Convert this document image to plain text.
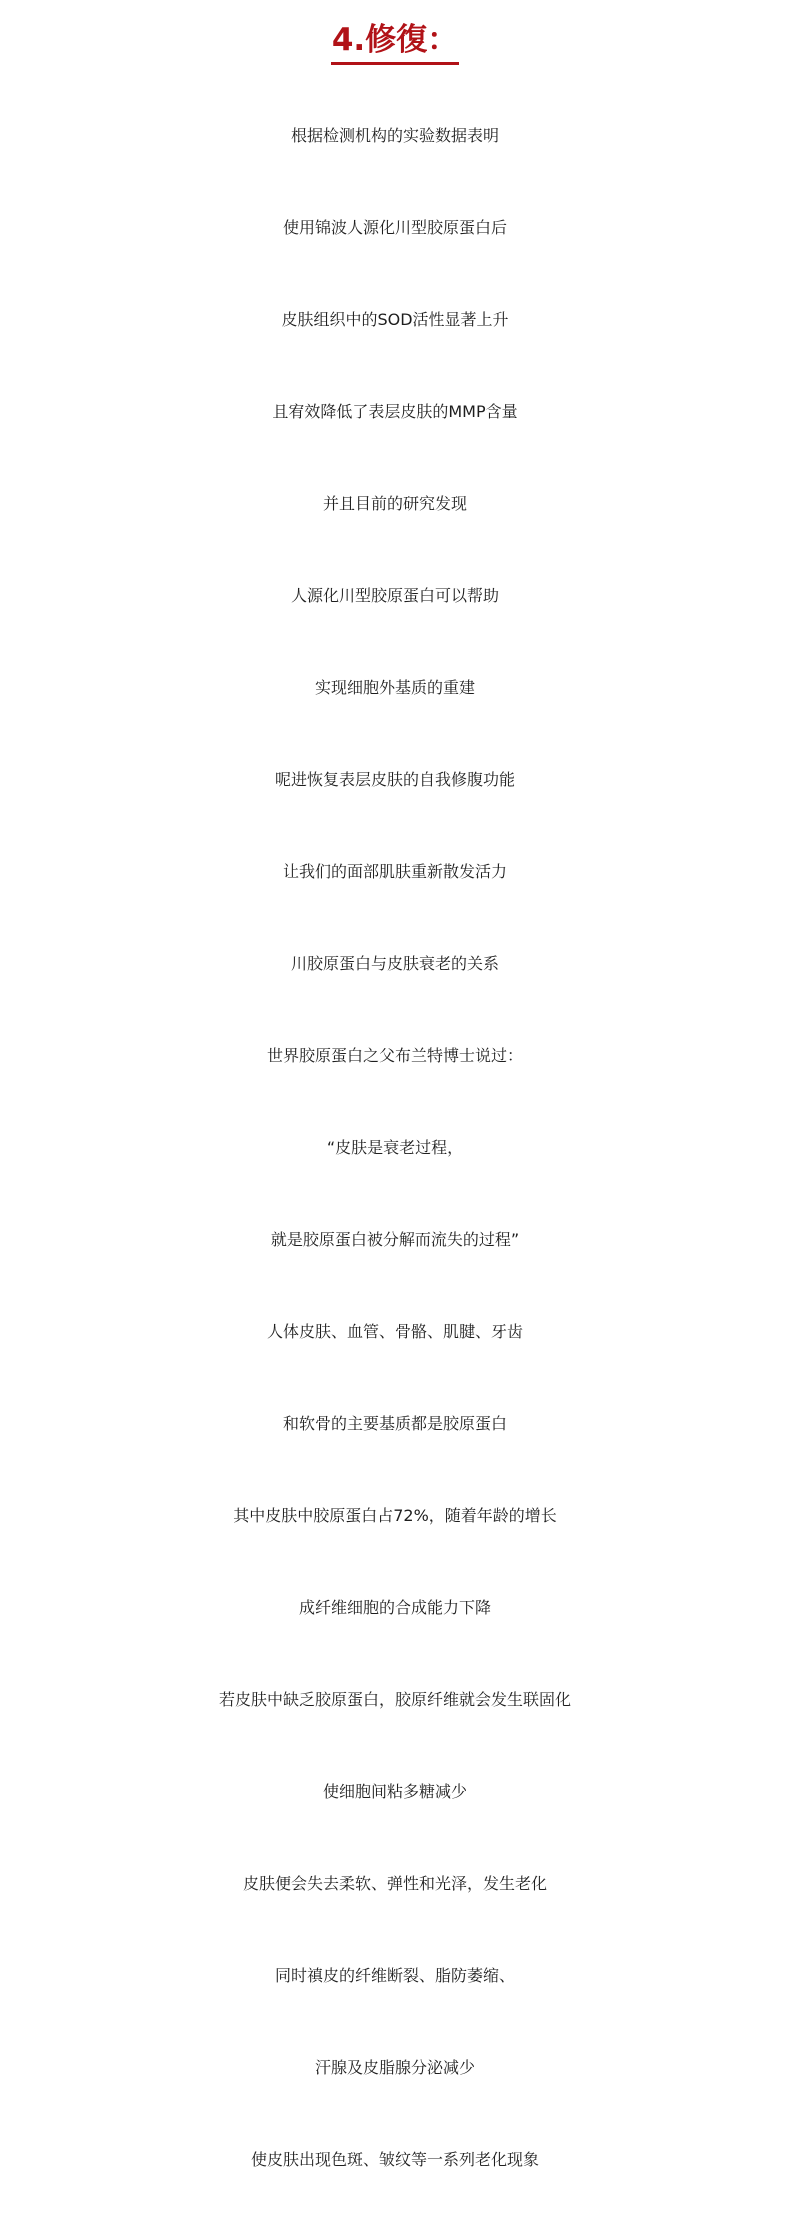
4.修復：
根据检测机构的实验数据表明
使用锦波人源化川型胶原蛋白后
皮肤组织中的SOD活性显著上升
且宥效降低了表层皮肤的MMP含量
并且目前的研究发现
人源化川型胶原蛋白可以帮助
实现细胞外基质的重建
呢进恢复表层皮肤的自我修腹功能
让我们的面部肌肤重新散发活力
川胶原蛋白与皮肤衰老的关系
世界胶原蛋白之父布兰特博士说过：
“皮肤是衰老过程，
就是胶原蛋白被分解而流失的过程”
人体皮肤、血管、骨骼、肌腱、牙齿
和软骨的主要基质都是胶原蛋白
其中皮肤中胶原蛋白占72%，随着年龄的增长
成纤维细胞的合成能力下降
若皮肤中缺乏胶原蛋白，胶原纤维就会发生联固化
使细胞间粘多糖减少
皮肤便会失去柔软、弹性和光泽，发生老化
同时禛皮的纤维断裂、脂防萎缩、
汗腺及皮脂腺分泌减少
使皮肤出现色斑、皱纹等一系列老化现象
